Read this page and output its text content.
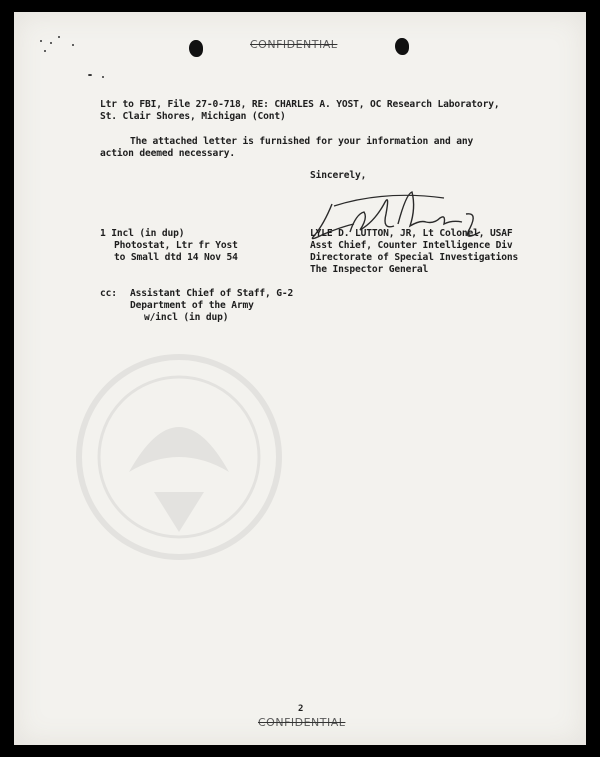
CONFIDENTIAL
Ltr to FBI, File 27-0-718, RE: CHARLES A. YOST, OC Research Laboratory,
St. Clair Shores, Michigan (Cont)
The attached letter is furnished for your information and any
action deemed necessary.
Sincerely,
1 Incl (in dup)
Photostat, Ltr fr Yost
to Small dtd 14 Nov 54
LYLE D. LUTTON, JR, Lt Colonel, USAF
Asst Chief, Counter Intelligence Div
Directorate of Special Investigations
The Inspector General
cc: Assistant Chief of Staff, G-2
Department of the Army
w/incl (in dup)
2
CONFIDENTIAL
